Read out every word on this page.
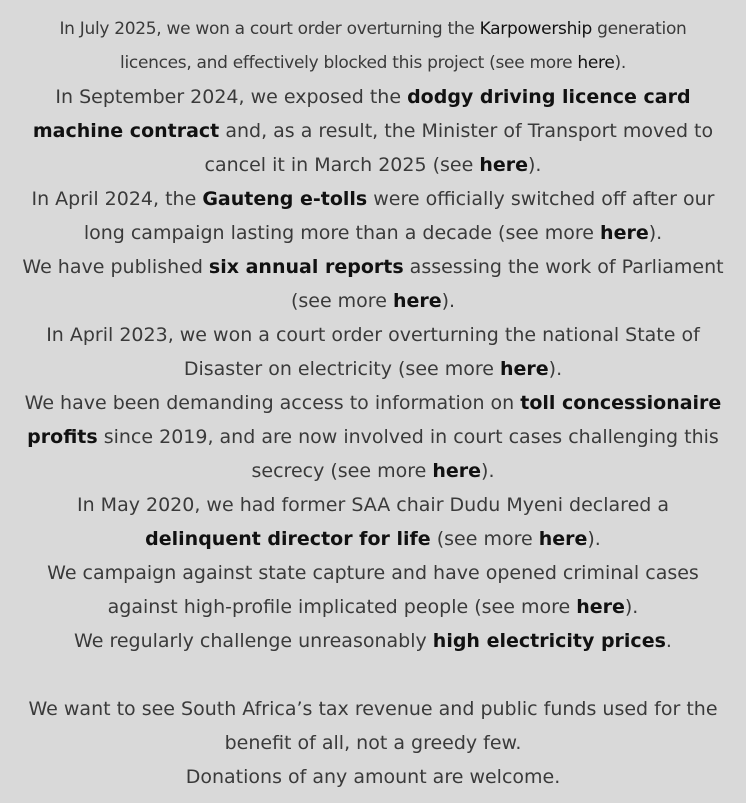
In July 2025, we won a court order overturning the Karpowership generation licences, and effectively blocked this project (see more here).

In September 2024, we exposed the dodgy driving licence card machine contract and, as a result, the Minister of Transport moved to cancel it in March 2025 (see here).

In April 2024, the Gauteng e-tolls were officially switched off after our long campaign lasting more than a decade (see more here).

We have published six annual reports assessing the work of Parliament (see more here).

In April 2023, we won a court order overturning the national State of Disaster on electricity (see more here).

We have been demanding access to information on toll concessionaire profits since 2019, and are now involved in court cases challenging this secrecy (see more here).

In May 2020, we had former SAA chair Dudu Myeni declared a delinquent director for life (see more here).

We campaign against state capture and have opened criminal cases against high-profile implicated people (see more here).

We regularly challenge unreasonably high electricity prices.

We want to see South Africa’s tax revenue and public funds used for the benefit of all, not a greedy few.

Donations of any amount are welcome.
